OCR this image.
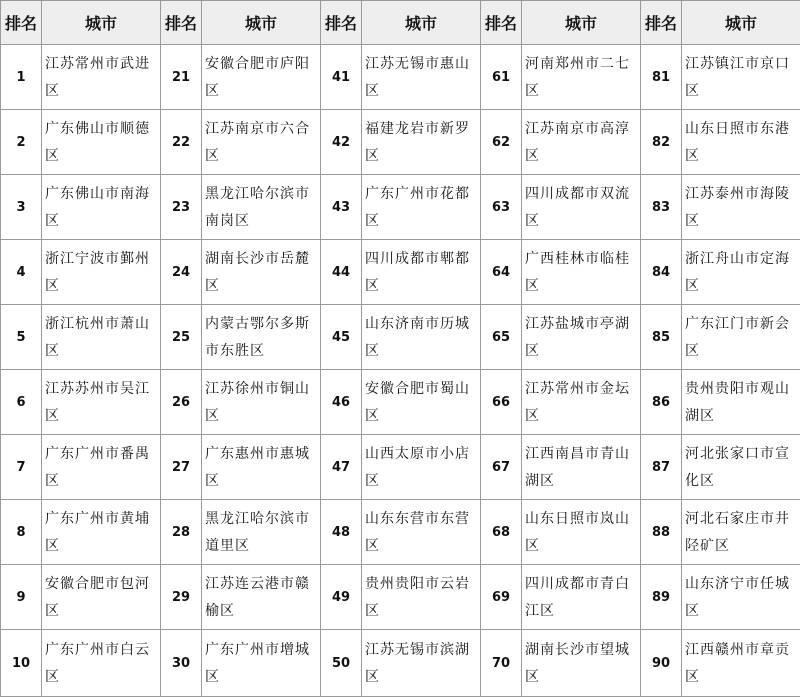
排名	城市	排名	城市	排名	城市	排名	城市	排名	城市
1	江苏常州市武进区	21	安徽合肥市庐阳区	41	江苏无锡市惠山区	61	河南郑州市二七区	81	江苏镇江市京口区
2	广东佛山市顺德区	22	江苏南京市六合区	42	福建龙岩市新罗区	62	江苏南京市高淳区	82	山东日照市东港区
3	广东佛山市南海区	23	黑龙江哈尔滨市南岗区	43	广东广州市花都区	63	四川成都市双流区	83	江苏泰州市海陵区
4	浙江宁波市鄞州区	24	湖南长沙市岳麓区	44	四川成都市郫都区	64	广西桂林市临桂区	84	浙江舟山市定海区
5	浙江杭州市萧山区	25	内蒙古鄂尔多斯市东胜区	45	山东济南市历城区	65	江苏盐城市亭湖区	85	广东江门市新会区
6	江苏苏州市吴江区	26	江苏徐州市铜山区	46	安徽合肥市蜀山区	66	江苏常州市金坛区	86	贵州贵阳市观山湖区
7	广东广州市番禺区	27	广东惠州市惠城区	47	山西太原市小店区	67	江西南昌市青山湖区	87	河北张家口市宣化区
8	广东广州市黄埔区	28	黑龙江哈尔滨市道里区	48	山东东营市东营区	68	山东日照市岚山区	88	河北石家庄市井陉矿区
9	安徽合肥市包河区	29	江苏连云港市赣榆区	49	贵州贵阳市云岩区	69	四川成都市青白江区	89	山东济宁市任城区
10	广东广州市白云区	30	广东广州市增城区	50	江苏无锡市滨湖区	70	湖南长沙市望城区	90	江西赣州市章贡区
